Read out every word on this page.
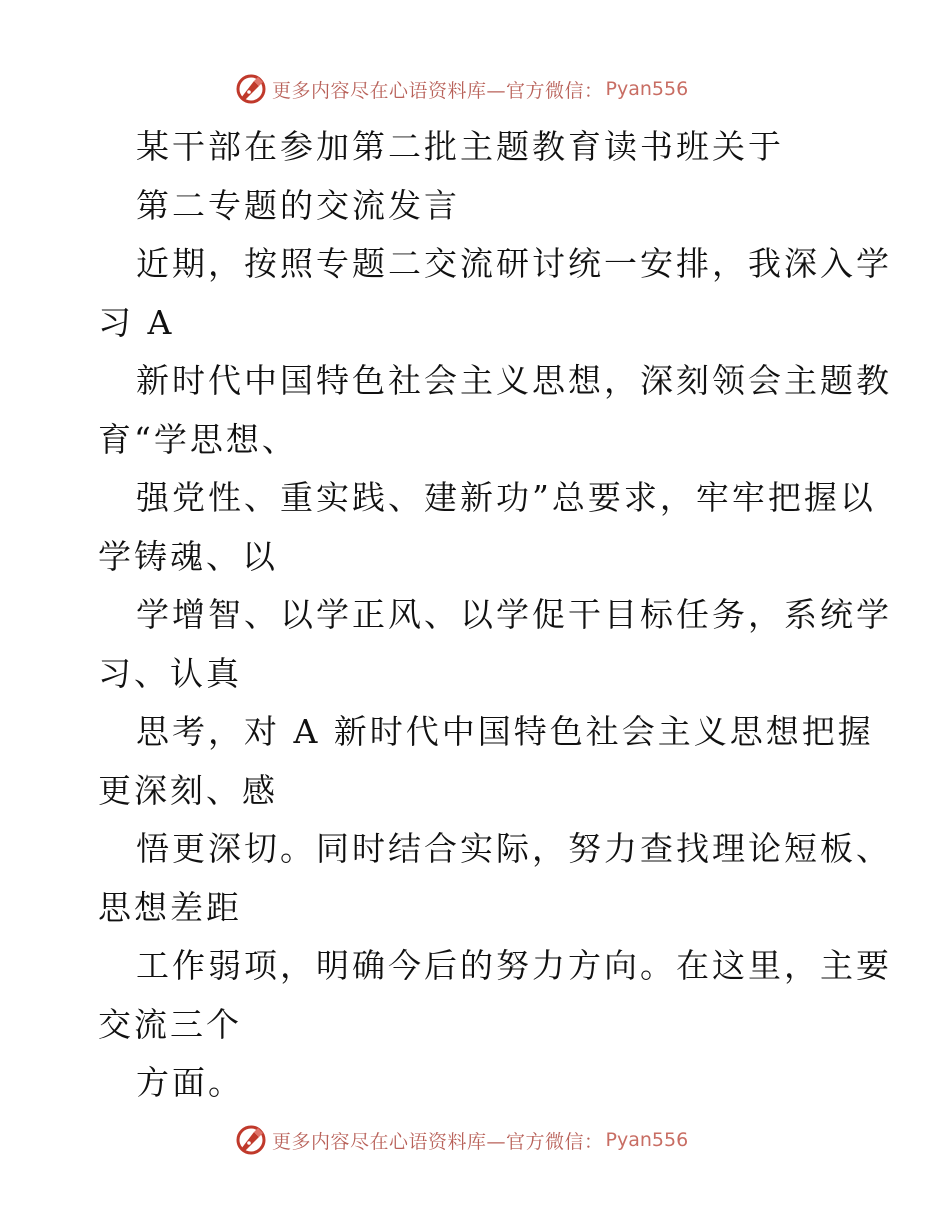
更多内容尽在心语资料库—官方微信： Pyan556
某干部在参加第二批主题教育读书班关于
第二专题的交流发言
近期，按照专题二交流研讨统一安排，我深入学
习 A
新时代中国特色社会主义思想，深刻领会主题教
育“学思想、
强党性、重实践、建新功”总要求，牢牢把握以
学铸魂、以
学增智、以学正风、以学促干目标任务，系统学
习、认真
思考，对 A 新时代中国特色社会主义思想把握
更深刻、感
悟更深切。同时结合实际，努力查找理论短板、
思想差距
工作弱项，明确今后的努力方向。在这里，主要
交流三个
方面。
更多内容尽在心语资料库—官方微信： Pyan556
